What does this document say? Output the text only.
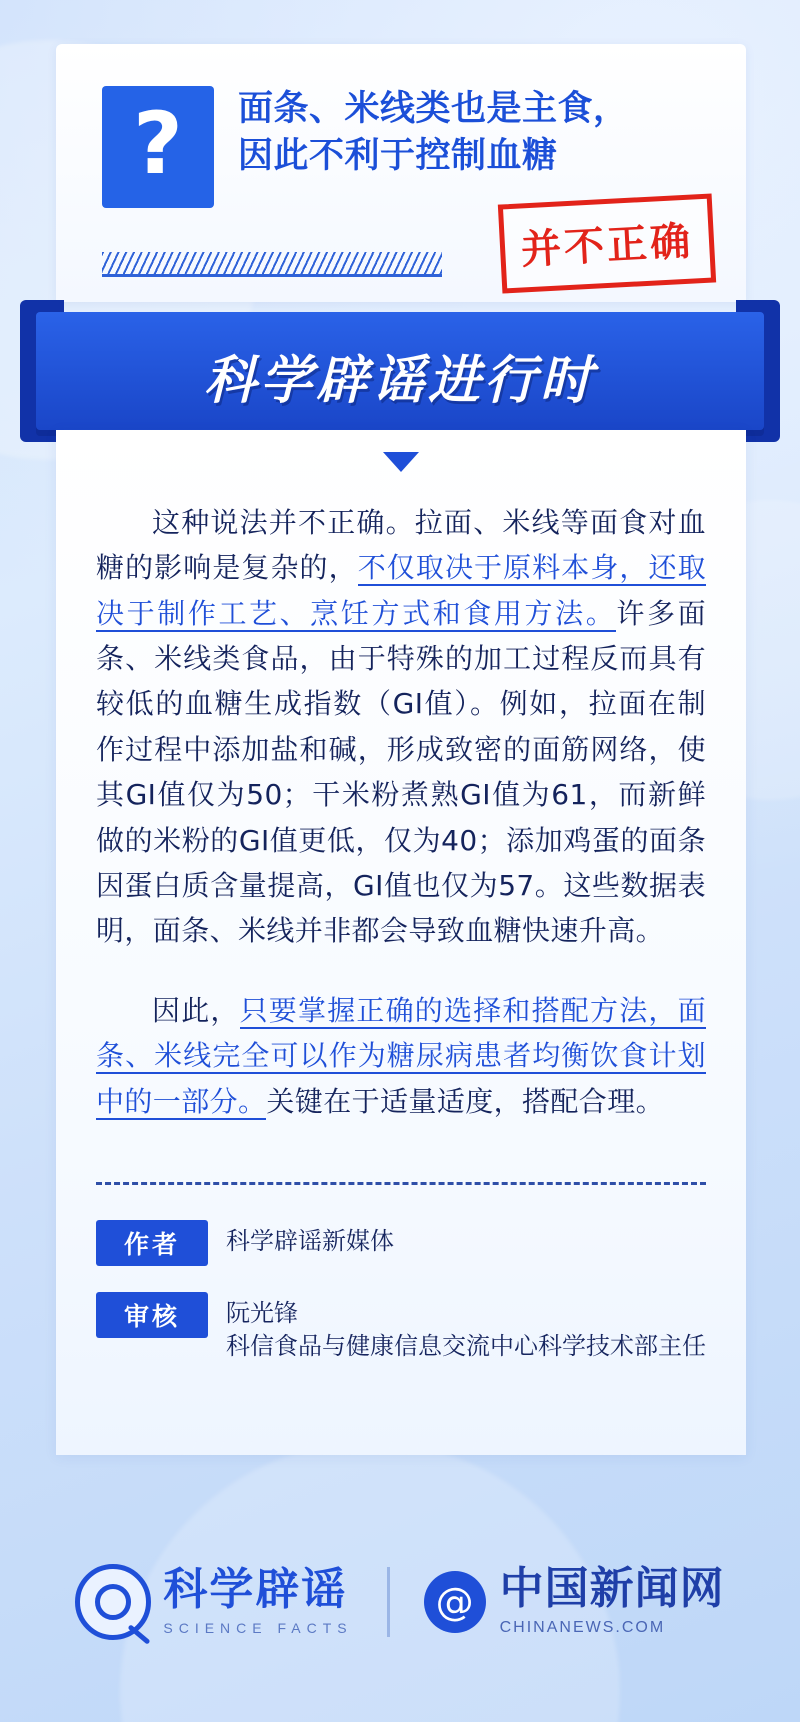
? 面条、米线类也是主食，因此不利于控制血糖
并不正确
科学辟谣进行时
这种说法并不正确。拉面、米线等面食对血糖的影响是复杂的，不仅取决于原料本身，还取决于制作工艺、烹饪方式和食用方法。许多面条、米线类食品，由于特殊的加工过程反而具有较低的血糖生成指数（GI值）。例如，拉面在制作过程中添加盐和碱，形成致密的面筋网络，使其GI值仅为50；干米粉煮熟GI值为61，而新鲜做的米粉的GI值更低，仅为40；添加鸡蛋的面条因蛋白质含量提高，GI值也仅为57。这些数据表明，面条、米线并非都会导致血糖快速升高。
因此，只要掌握正确的选择和搭配方法，面条、米线完全可以作为糖尿病患者均衡饮食计划中的一部分。关键在于适量适度，搭配合理。
作者	科学辟谣新媒体
审核	阮光锋
科信食品与健康信息交流中心科学技术部主任
科学辟谣
SCIENCE FACTS
@ 中国新闻网
CHINANEWS.COM
